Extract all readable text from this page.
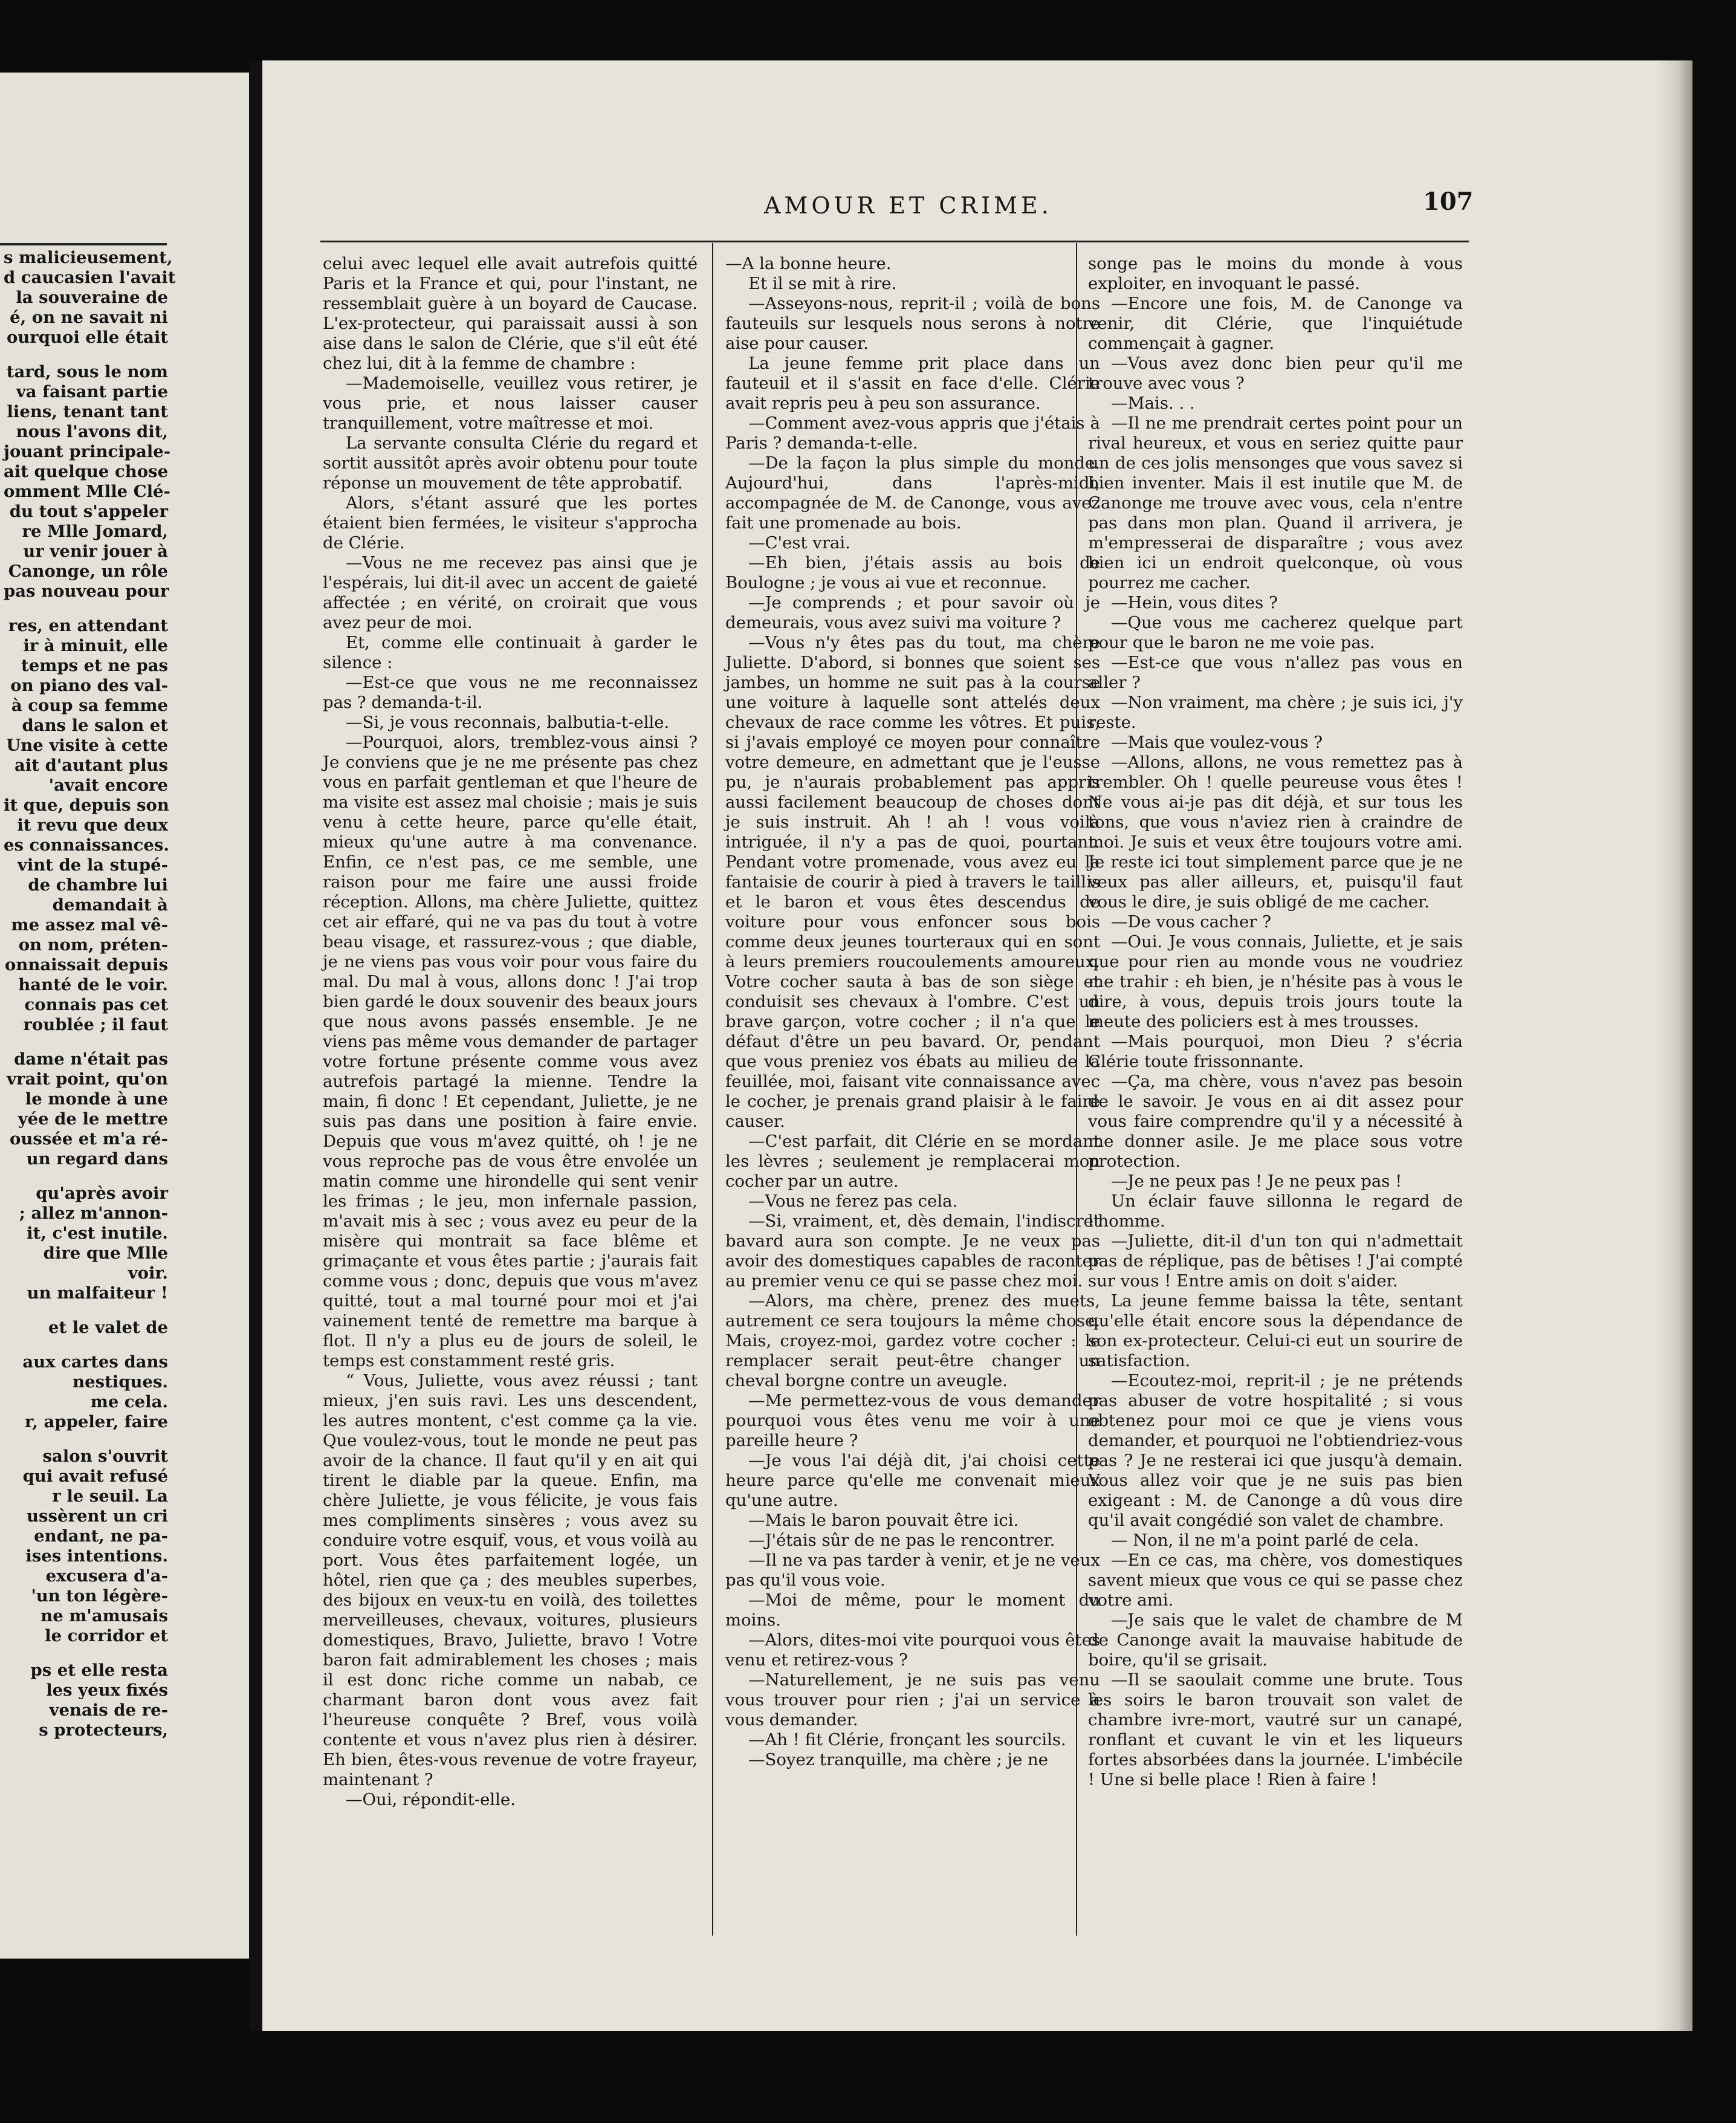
s malicieusement,

d caucasien l'avait

la souveraine de

é, on ne savait ni

ourquoi elle était

tard, sous le nom

va faisant partie

liens, tenant tant

nous l'avons dit,

jouant principale-

ait quelque chose

omment Mlle Clé-

du tout s'appeler

re Mlle Jomard,

ur venir jouer à

Canonge, un rôle

pas nouveau pour

res, en attendant

ir à minuit, elle

temps et ne pas

on piano des val-

à coup sa femme

dans le salon et

Une visite à cette

ait d'autant plus

'avait encore

it que, depuis son

it revu que deux

es connaissances.

vint de la stupé-

de chambre lui

demandait à

me assez mal vê-

on nom, préten-

onnaissait depuis

hanté de le voir.

connais pas cet

roublée ; il faut

dame n'était pas

vrait point, qu'on

le monde à une

yée de le mettre

oussée et m'a ré-

un regard dans

qu'après avoir

; allez m'annon-

it, c'est inutile.

dire que Mlle

voir.

un malfaiteur !

et le valet de

aux cartes dans

nestiques.

me cela.

r, appeler, faire

salon s'ouvrit

qui avait refusé

r le seuil. La

ussèrent un cri

endant, ne pa-

ises intentions.

excusera d'a-

'un ton légère-

ne m'amusais

le corridor et

ps et elle resta

les yeux fixés

venais de re-

s protecteurs,

AMOUR ET CRIME.	107

celui avec lequel elle avait autrefois quitté Paris et la France et qui, pour l'instant, ne ressemblait guère à un boyard de Caucase. L'ex-protecteur, qui paraissait aussi à son aise dans le salon de Clérie, que s'il eût été chez lui, dit à la femme de chambre :

—Mademoiselle, veuillez vous retirer, je vous prie, et nous laisser causer tranquillement, votre maîtresse et moi.

La servante consulta Clérie du regard et sortit aussitôt après avoir obtenu pour toute réponse un mouvement de tête approbatif.

Alors, s'étant assuré que les portes étaient bien fermées, le visiteur s'approcha de Clérie.

—Vous ne me recevez pas ainsi que je l'espérais, lui dit-il avec un accent de gaieté affectée ; en vérité, on croirait que vous avez peur de moi.

Et, comme elle continuait à garder le silence :

—Est-ce que vous ne me reconnaissez pas ? demanda-t-il.

—Si, je vous reconnais, balbutia-t-elle.

—Pourquoi, alors, tremblez-vous ainsi ? Je conviens que je ne me présente pas chez vous en parfait gentleman et que l'heure de ma visite est assez mal choisie ; mais je suis venu à cette heure, parce qu'elle était, mieux qu'une autre à ma convenance. Enfin, ce n'est pas, ce me semble, une raison pour me faire une aussi froide réception. Allons, ma chère Juliette, quittez cet air effaré, qui ne va pas du tout à votre beau visage, et rassurez-vous ; que diable, je ne viens pas vous voir pour vous faire du mal. Du mal à vous, allons donc ! J'ai trop bien gardé le doux souvenir des beaux jours que nous avons passés ensemble. Je ne viens pas même vous demander de partager votre fortune présente comme vous avez autrefois partagé la mienne. Tendre la main, fi donc ! Et cependant, Juliette, je ne suis pas dans une position à faire envie. Depuis que vous m'avez quitté, oh ! je ne vous reproche pas de vous être envolée un matin comme une hirondelle qui sent venir les frimas ; le jeu, mon infernale passion, m'avait mis à sec ; vous avez eu peur de la misère qui montrait sa face blême et grimaçante et vous êtes partie ; j'aurais fait comme vous ; donc, depuis que vous m'avez quitté, tout a mal tourné pour moi et j'ai vainement tenté de remettre ma barque à flot. Il n'y a plus eu de jours de soleil, le temps est constamment resté gris.

“ Vous, Juliette, vous avez réussi ; tant mieux, j'en suis ravi. Les uns descendent, les autres montent, c'est comme ça la vie. Que voulez-vous, tout le monde ne peut pas avoir de la chance. Il faut qu'il y en ait qui tirent le diable par la queue. Enfin, ma chère Juliette, je vous félicite, je vous fais mes compliments sinsères ; vous avez su conduire votre esquif, vous, et vous voilà au port. Vous êtes parfaitement logée, un hôtel, rien que ça ; des meubles superbes, des bijoux en veux-tu en voilà, des toilettes merveilleuses, chevaux, voitures, plusieurs domestiques, Bravo, Juliette, bravo ! Votre baron fait admirablement les choses ; mais il est donc riche comme un nabab, ce charmant baron dont vous avez fait l'heureuse conquête ? Bref, vous voilà contente et vous n'avez plus rien à désirer. Eh bien, êtes-vous revenue de votre frayeur, maintenant ?

—Oui, répondit-elle.

—A la bonne heure.

Et il se mit à rire.

—Asseyons-nous, reprit-il ; voilà de bons fauteuils sur lesquels nous serons à notre aise pour causer.

La jeune femme prit place dans un fauteuil et il s'assit en face d'elle. Clérie avait repris peu à peu son assurance.

—Comment avez-vous appris que j'étais à Paris ? demanda-t-elle.

—De la façon la plus simple du monde. Aujourd'hui, dans l'après-midi, accompagnée de M. de Canonge, vous avez fait une promenade au bois.

—C'est vrai.

—Eh bien, j'étais assis au bois de Boulogne ; je vous ai vue et reconnue.

—Je comprends ; et pour savoir où je demeurais, vous avez suivi ma voiture ?

—Vous n'y êtes pas du tout, ma chère Juliette. D'abord, si bonnes que soient ses jambes, un homme ne suit pas à la course une voiture à laquelle sont attelés deux chevaux de race comme les vôtres. Et puis, si j'avais employé ce moyen pour connaître votre demeure, en admettant que je l'eusse pu, je n'aurais probablement pas appris aussi facilement beaucoup de choses dont je suis instruit. Ah ! ah ! vous voilà intriguée, il n'y a pas de quoi, pourtant. Pendant votre promenade, vous avez eu la fantaisie de courir à pied à travers le taillis et le baron et vous êtes descendus de voiture pour vous enfoncer sous bois comme deux jeunes tourteraux qui en sont à leurs premiers roucoulements amoureux. Votre cocher sauta à bas de son siège et conduisit ses chevaux à l'ombre. C'est un brave garçon, votre cocher ; il n'a que le défaut d'être un peu bavard. Or, pendant que vous preniez vos ébats au milieu de la feuillée, moi, faisant vite connaissance avec le cocher, je prenais grand plaisir à le faire causer.

—C'est parfait, dit Clérie en se mordant les lèvres ; seulement je remplacerai mon cocher par un autre.

—Vous ne ferez pas cela.

—Si, vraiment, et, dès demain, l'indiscret bavard aura son compte. Je ne veux pas avoir des domestiques capables de raconter au premier venu ce qui se passe chez moi.

—Alors, ma chère, prenez des muets, autrement ce sera toujours la même chose. Mais, croyez-moi, gardez votre cocher : le remplacer serait peut-être changer un cheval borgne contre un aveugle.

—Me permettez-vous de vous demander pourquoi vous êtes venu me voir à une pareille heure ?

—Je vous l'ai déjà dit, j'ai choisi cette heure parce qu'elle me convenait mieux qu'une autre.

—Mais le baron pouvait être ici.

—J'étais sûr de ne pas le rencontrer.

—Il ne va pas tarder à venir, et je ne veux pas qu'il vous voie.

—Moi de même, pour le moment du moins.

—Alors, dites-moi vite pourquoi vous êtes venu et retirez-vous ?

—Naturellement, je ne suis pas venu vous trouver pour rien ; j'ai un service à vous demander.

—Ah ! fit Clérie, fronçant les sourcils.

—Soyez tranquille, ma chère ; je ne

songe pas le moins du monde à vous exploiter, en invoquant le passé.

—Encore une fois, M. de Canonge va venir, dit Clérie, que l'inquiétude commençait à gagner.

—Vous avez donc bien peur qu'il me trouve avec vous ?

—Mais. . .

—Il ne me prendrait certes point pour un rival heureux, et vous en seriez quitte paur un de ces jolis mensonges que vous savez si bien inventer. Mais il est inutile que M. de Canonge me trouve avec vous, cela n'entre pas dans mon plan. Quand il arrivera, je m'empresserai de disparaître ; vous avez bien ici un endroit quelconque, où vous pourrez me cacher.

—Hein, vous dites ?

—Que vous me cacherez quelque part pour que le baron ne me voie pas.

—Est-ce que vous n'allez pas vous en aller ?

—Non vraiment, ma chère ; je suis ici, j'y reste.

—Mais que voulez-vous ?

—Allons, allons, ne vous remettez pas à trembler. Oh ! quelle peureuse vous êtes ! Ne vous ai-je pas dit déjà, et sur tous les tons, que vous n'aviez rien à craindre de moi. Je suis et veux être toujours votre ami. Je reste ici tout simplement parce que je ne veux pas aller ailleurs, et, puisqu'il faut vous le dire, je suis obligé de me cacher.

—De vous cacher ?

—Oui. Je vous connais, Juliette, et je sais que pour rien au monde vous ne voudriez me trahir : eh bien, je n'hésite pas à vous le dire, à vous, depuis trois jours toute la meute des policiers est à mes trousses.

—Mais pourquoi, mon Dieu ? s'écria Clérie toute frissonnante.

—Ça, ma chère, vous n'avez pas besoin de le savoir. Je vous en ai dit assez pour vous faire comprendre qu'il y a nécessité à me donner asile. Je me place sous votre protection.

—Je ne peux pas ! Je ne peux pas !

Un éclair fauve sillonna le regard de l'homme.

—Juliette, dit-il d'un ton qui n'admettait pas de réplique, pas de bêtises ! J'ai compté sur vous ! Entre amis on doit s'aider.

La jeune femme baissa la tête, sentant qu'elle était encore sous la dépendance de son ex-protecteur. Celui-ci eut un sourire de satisfaction.

—Ecoutez-moi, reprit-il ; je ne prétends pas abuser de votre hospitalité ; si vous obtenez pour moi ce que je viens vous demander, et pourquoi ne l'obtiendriez-vous pas ? Je ne resterai ici que jusqu'à demain. Vous allez voir que je ne suis pas bien exigeant : M. de Canonge a dû vous dire qu'il avait congédié son valet de chambre.

— Non, il ne m'a point parlé de cela.

—En ce cas, ma chère, vos domestiques savent mieux que vous ce qui se passe chez votre ami.

—Je sais que le valet de chambre de M de Canonge avait la mauvaise habitude de boire, qu'il se grisait.

—Il se saoulait comme une brute. Tous les soirs le baron trouvait son valet de chambre ivre-mort, vautré sur un canapé, ronflant et cuvant le vin et les liqueurs fortes absorbées dans la journée. L'imbécile ! Une si belle place ! Rien à faire !
